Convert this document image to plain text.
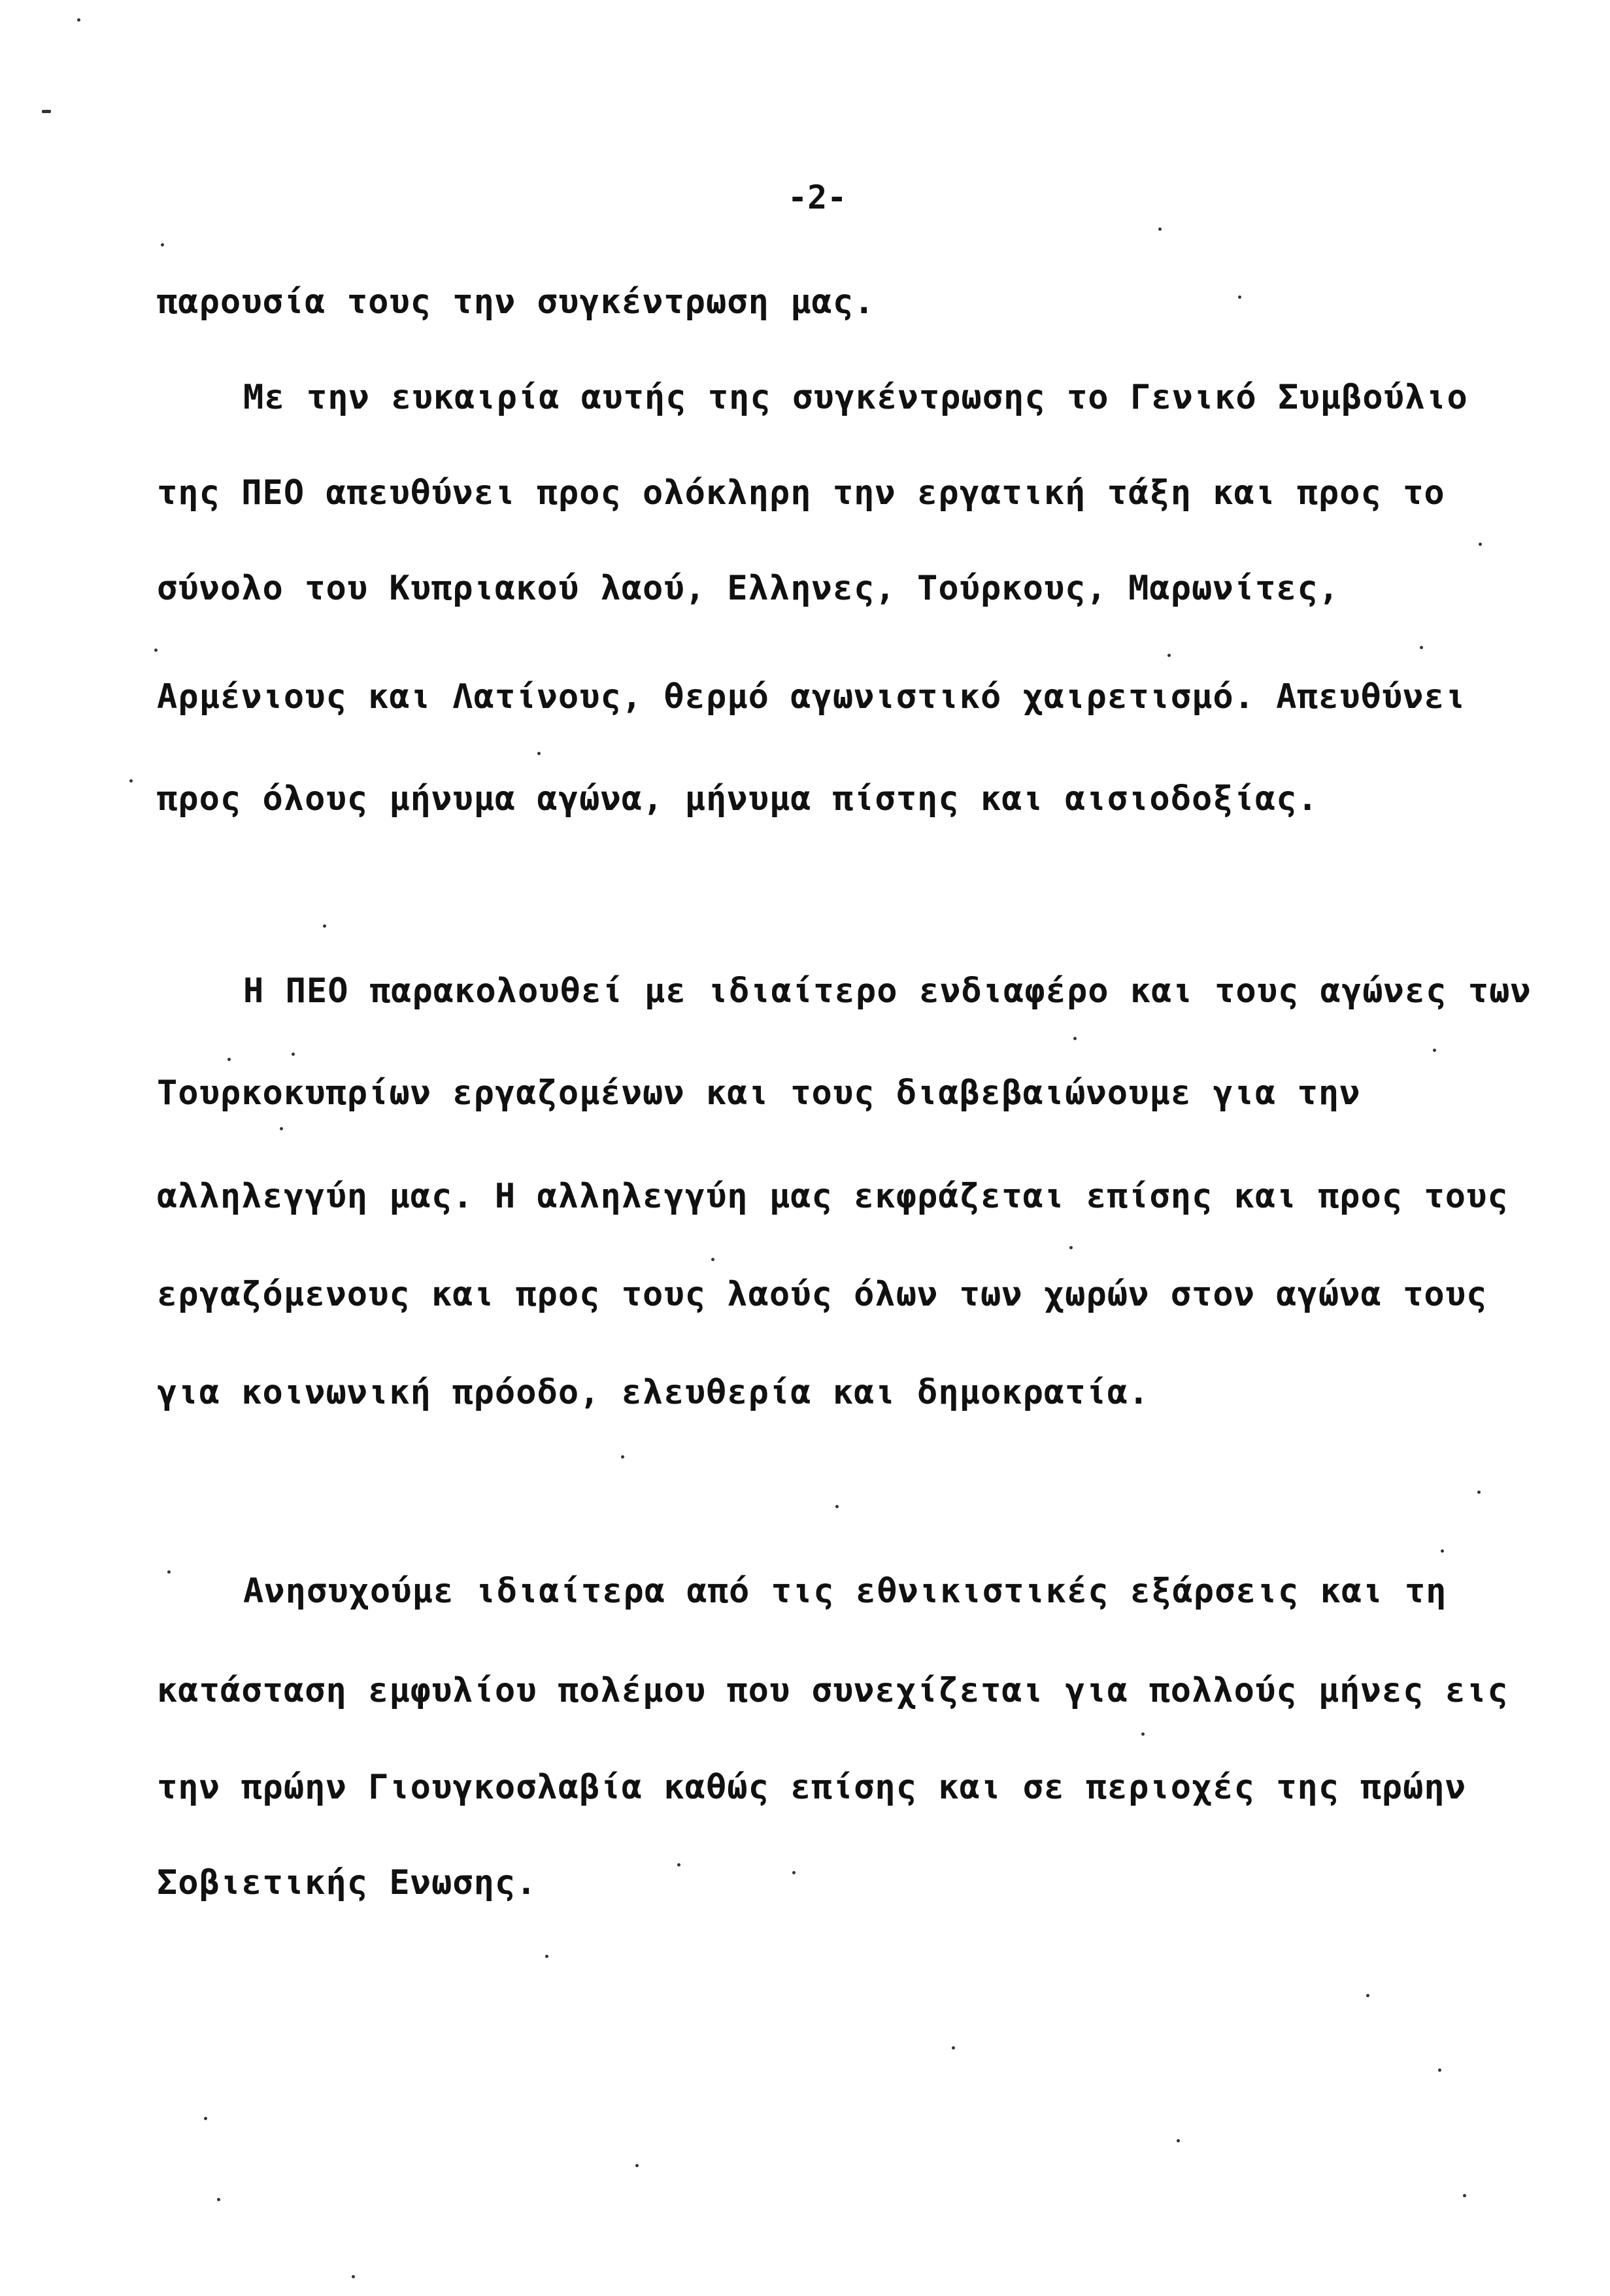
-2-
παρουσία τους την συγκέντρωση μας.
Με την ευκαιρία αυτής της συγκέντρωσης το Γενικό Συμβούλιο
της ΠΕΟ απευθύνει προς ολόκληρη την εργατική τάξη και προς το
σύνολο του Κυπριακού λαού, Ελληνες, Τούρκους, Μαρωνίτες,
Αρμένιους και Λατίνους, θερμό αγωνιστικό χαιρετισμό. Απευθύνει
προς όλους μήνυμα αγώνα, μήνυμα πίστης και αισιοδοξίας.
Η ΠΕΟ παρακολουθεί με ιδιαίτερο ενδιαφέρο και τους αγώνες των
Τουρκοκυπρίων εργαζομένων και τους διαβεβαιώνουμε για την
αλληλεγγύη μας. Η αλληλεγγύη μας εκφράζεται επίσης και προς τους
εργαζόμενους και προς τους λαούς όλων των χωρών στον αγώνα τους
για κοινωνική πρόοδο, ελευθερία και δημοκρατία.
Ανησυχούμε ιδιαίτερα από τις εθνικιστικές εξάρσεις και τη
κατάσταση εμφυλίου πολέμου που συνεχίζεται για πολλούς μήνες εις
την πρώην Γιουγκοσλαβία καθώς επίσης και σε περιοχές της πρώην
Σοβιετικής Ενωσης.
